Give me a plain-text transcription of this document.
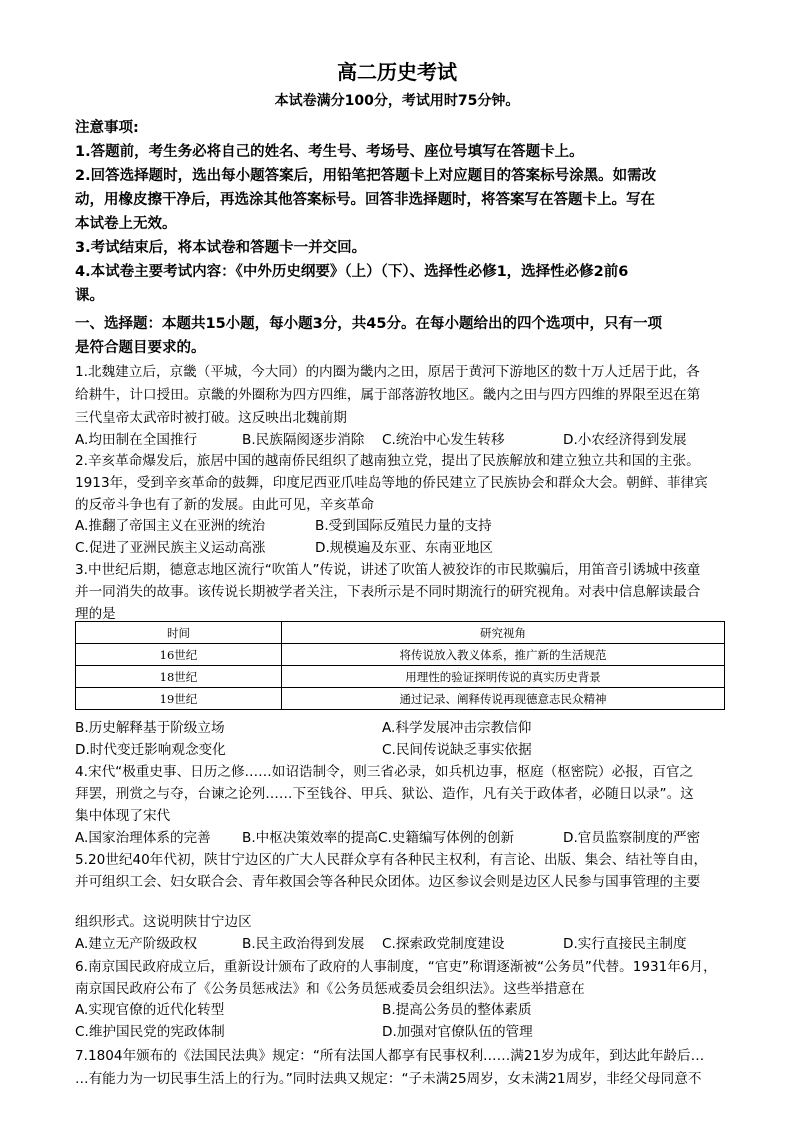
高二历史考试
本试卷满分100分，考试用时75分钟。
注意事项:
1.答题前，考生务必将自己的姓名、考生号、考场号、座位号填写在答题卡上。
2.回答选择题时，选出每小题答案后，用铅笔把答题卡上对应题目的答案标号涂黑。如需改
动，用橡皮擦干净后，再选涂其他答案标号。回答非选择题时，将答案写在答题卡上。写在
本试卷上无效。
3.考试结束后，将本试卷和答题卡一并交回。
4.本试卷主要考试内容：《中外历史纲要》（上）（下）、选择性必修1，选择性必修2前6
课。
一、选择题：本题共15小题，每小题3分，共45分。在每小题给出的四个选项中，只有一项
是符合题目要求的。
1.北魏建立后，京畿（平城，今大同）的内圈为畿内之田，原居于黄河下游地区的数十万人迁居于此，各
给耕牛，计口授田。京畿的外圈称为四方四维，属于部落游牧地区。畿内之田与四方四维的界限至迟在第
三代皇帝太武帝时被打破。这反映出北魏前期
A.均田制在全国推行	B.民族隔阂逐步消除 C.统治中心发生转移	D.小农经济得到发展
2.辛亥革命爆发后，旅居中国的越南侨民组织了越南独立党，提出了民族解放和建立独立共和国的主张。
1913年，受到辛亥革命的鼓舞，印度尼西亚爪哇岛等地的侨民建立了民族协会和群众大会。朝鲜、菲律宾
的反帝斗争也有了新的发展。由此可见，辛亥革命
A.推翻了帝国主义在亚洲的统治	B.受到国际反殖民力量的支持
C.促进了亚洲民族主义运动高涨	D.规模遍及东亚、东南亚地区
3.中世纪后期，德意志地区流行“吹笛人”传说，讲述了吹笛人被狡诈的市民欺骗后，用笛音引诱城中孩童
并一同消失的故事。该传说长期被学者关注，下表所示是不同时期流行的研究视角。对表中信息解读最合
理的是
时间	研究视角
16世纪	将传说放入教义体系，推广新的生活规范
18世纪	用理性的验证探明传说的真实历史背景
19世纪	通过记录、阐释传说再现德意志民众精神
B.历史解释基于阶级立场	A.科学发展冲击宗教信仰
D.时代变迁影响观念变化	C.民间传说缺乏事实依据
4.宋代“极重史事、日历之修……如诏诰制令，则三省必录，如兵机边事，枢庭（枢密院）必报，百官之
拜罢，刑赏之与夺，台谏之论列……下至钱谷、甲兵、狱讼、造作，凡有关于政体者，必随日以录”。这
集中体现了宋代
A.国家治理体系的完善 B.中枢决策效率的提高C.史籍编写体例的创新	D.官员监察制度的严密
5.20世纪40年代初，陕甘宁边区的广大人民群众享有各种民主权利，有言论、出版、集会、结社等自由，
并可组织工会、妇女联合会、青年救国会等各种民众团体。边区参议会则是边区人民参与国事管理的主要
组织形式。这说明陕甘宁边区
A.建立无产阶级政权	B.民主政治得到发展 C.探索政党制度建设	D.实行直接民主制度
6.南京国民政府成立后，重新设计颁布了政府的人事制度，“官吏”称谓逐渐被“公务员”代替。1931年6月，
南京国民政府公布了《公务员惩戒法》和《公务员惩戒委员会组织法》。这些举措意在
A.实现官僚的近代化转型	B.提高公务员的整体素质
C.维护国民党的宪政体制	D.加强对官僚队伍的管理
7.1804年颁布的《法国民法典》规定：“所有法国人都享有民事权利……满21岁为成年，到达此年龄后…
…有能力为一切民事生活上的行为。”同时法典又规定：“子未满25周岁，女未满21周岁，非经父母同意不
